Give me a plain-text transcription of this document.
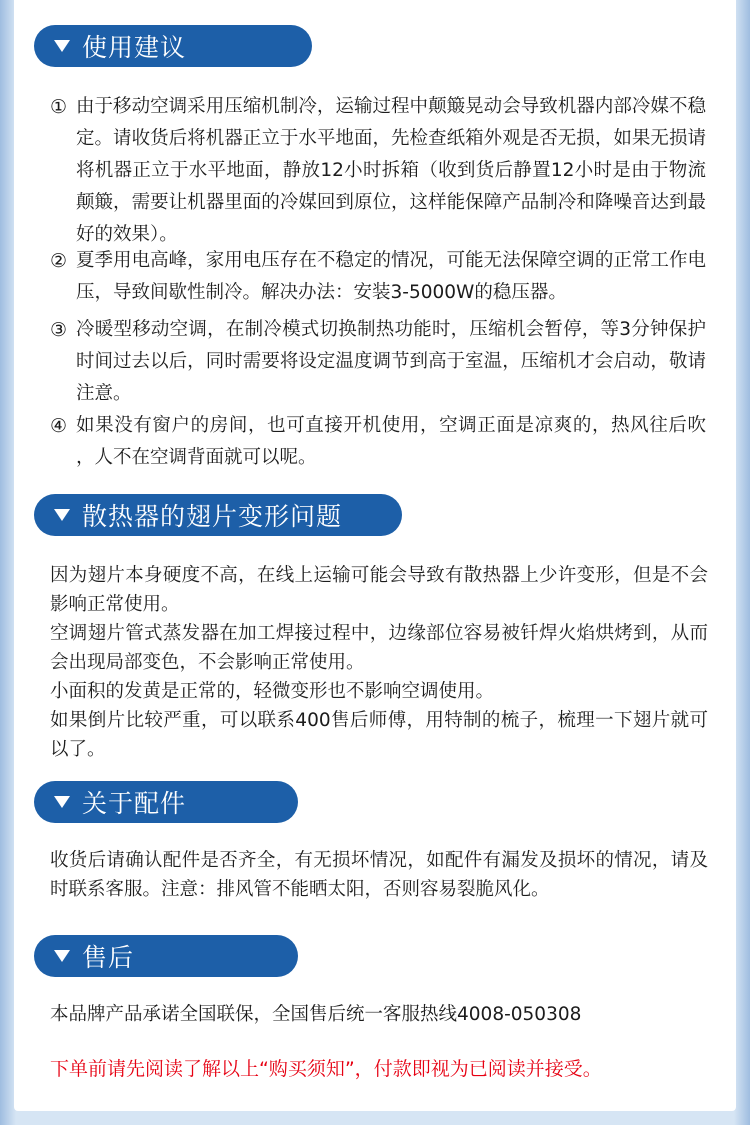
使用建议
① 由于移动空调采用压缩机制冷，运输过程中颠簸晃动会导致机器内部冷媒不稳定。请收货后将机器正立于水平地面，先检查纸箱外观是否无损，如果无损请将机器正立于水平地面，静放12小时拆箱（收到货后静置12小时是由于物流颠簸，需要让机器里面的冷媒回到原位，这样能保障产品制冷和降噪音达到最好的效果）。
② 夏季用电高峰，家用电压存在不稳定的情况，可能无法保障空调的正常工作电压，导致间歇性制冷。解决办法：安装3-5000W的稳压器。
③ 冷暖型移动空调，在制冷模式切换制热功能时，压缩机会暂停，等3分钟保护时间过去以后，同时需要将设定温度调节到高于室温，压缩机才会启动，敬请注意。
④ 如果没有窗户的房间，也可直接开机使用，空调正面是凉爽的，热风往后吹 ，人不在空调背面就可以呢。
散热器的翅片变形问题

因为翅片本身硬度不高，在线上运输可能会导致有散热器上少许变形，但是不会影响正常使用。

空调翅片管式蒸发器在加工焊接过程中，边缘部位容易被钎焊火焰烘烤到，从而会出现局部变色，不会影响正常使用。

小面积的发黄是正常的，轻微变形也不影响空调使用。

如果倒片比较严重，可以联系400售后师傅，用特制的梳子，梳理一下翅片就可以了。

关于配件
收货后请确认配件是否齐全，有无损坏情况，如配件有漏发及损坏的情况，请及时联系客服。注意：排风管不能晒太阳，否则容易裂脆风化。
售后
本品牌产品承诺全国联保，全国售后统一客服热线4008-050308
下单前请先阅读了解以上“购买须知”，付款即视为已阅读并接受。
